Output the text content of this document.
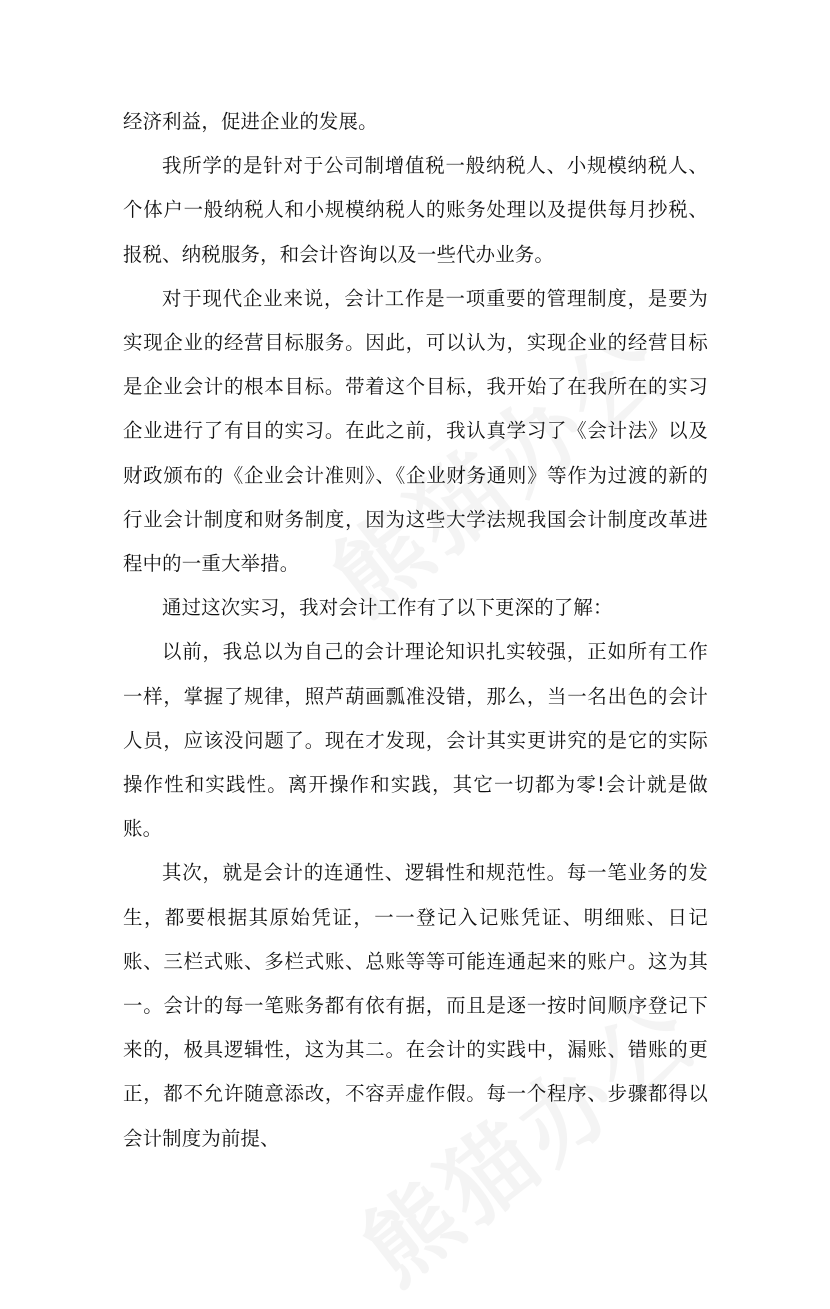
经济利益，促进企业的发展。

我所学的是针对于公司制增值税一般纳税人、小规模纳税人、个体户一般纳税人和小规模纳税人的账务处理以及提供每月抄税、报税、纳税服务，和会计咨询以及一些代办业务。

对于现代企业来说，会计工作是一项重要的管理制度，是要为实现企业的经营目标服务。因此，可以认为，实现企业的经营目标是企业会计的根本目标。带着这个目标，我开始了在我所在的实习企业进行了有目的实习。在此之前，我认真学习了《会计法》以及财政颁布的《企业会计准则》、《企业财务通则》等作为过渡的新的行业会计制度和财务制度，因为这些大学法规我国会计制度改革进程中的一重大举措。

通过这次实习，我对会计工作有了以下更深的了解：

以前，我总以为自己的会计理论知识扎实较强，正如所有工作一样，掌握了规律，照芦葫画瓢准没错，那么，当一名出色的会计人员，应该没问题了。现在才发现，会计其实更讲究的是它的实际操作性和实践性。离开操作和实践，其它一切都为零!会计就是做账。

其次，就是会计的连通性、逻辑性和规范性。每一笔业务的发生，都要根据其原始凭证，一一登记入记账凭证、明细账、日记账、三栏式账、多栏式账、总账等等可能连通起来的账户。这为其一。会计的每一笔账务都有依有据，而且是逐一按时间顺序登记下来的，极具逻辑性，这为其二。在会计的实践中，漏账、错账的更正，都不允许随意添改，不容弄虚作假。每一个程序、步骤都得以会计制度为前提、
